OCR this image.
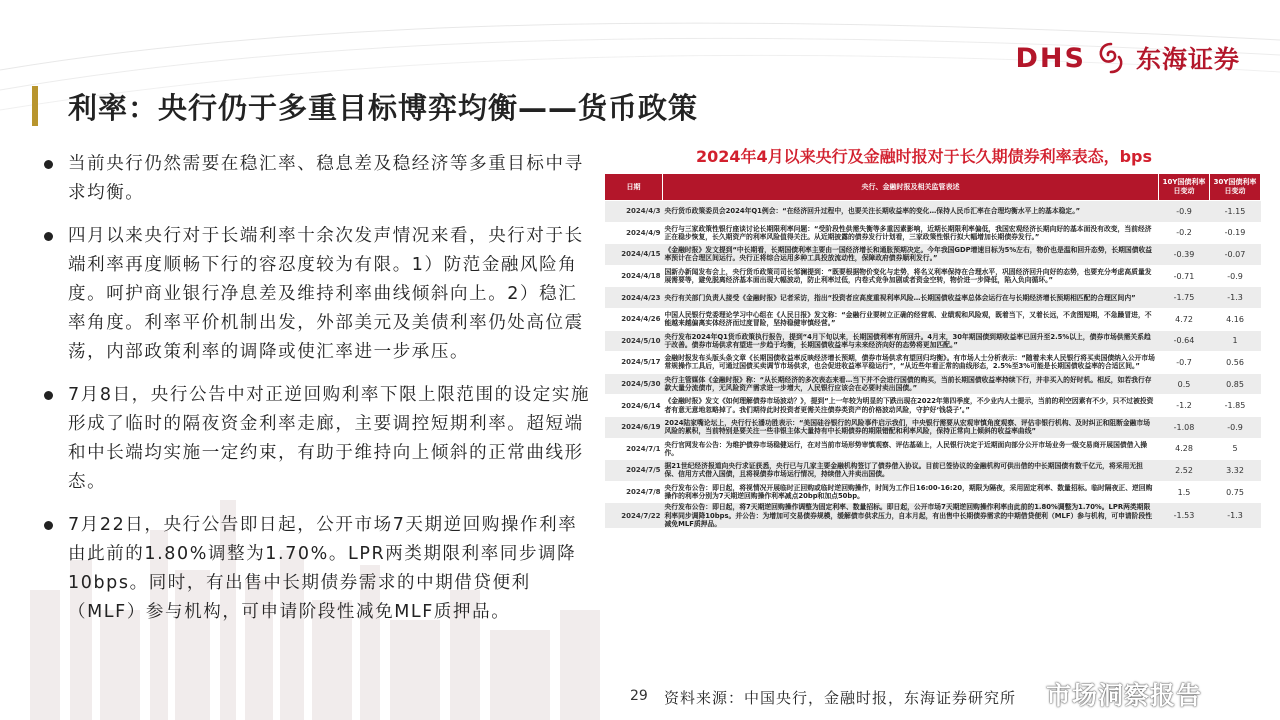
DHS 东海证券
利率：央行仍于多重目标博弈均衡——货币政策
当前央行仍然需要在稳汇率、稳息差及稳经济等多重目标中寻求均衡。
四月以来央行对于长端利率十余次发声情况来看，央行对于长端利率再度顺畅下行的容忍度较为有限。1）防范金融风险角度。呵护商业银行净息差及维持利率曲线倾斜向上。2）稳汇率角度。利率平价机制出发，外部美元及美债利率仍处高位震荡，内部政策利率的调降或使汇率进一步承压。
7月8日，央行公告中对正逆回购利率下限上限范围的设定实施形成了临时的隔夜资金利率走廊，主要调控短期利率。超短端和中长端均实施一定约束，有助于维持向上倾斜的正常曲线形态。
7月22日，央行公告即日起，公开市场7天期逆回购操作利率由此前的1.80%调整为1.70%。LPR两类期限利率同步调降10bps。同时，有出售中长期债券需求的中期借贷便利（MLF）参与机构，可申请阶段性减免MLF质押品。
2024年4月以来央行及金融时报对于长久期债券利率表态，bps
日期	央行、金融时报及相关监管表述	10Y国债利率日变动	30Y国债利率日变动
2024/4/3	央行货币政策委员会2024年Q1例会：“在经济回升过程中，也要关注长期收益率的变化…保持人民币汇率在合理均衡水平上的基本稳定。”	-0.9	-1.15
2024/4/9	央行与三家政策性银行座谈讨论长期限利率问题：“受阶段性供需失衡等多重因素影响，近期长期限利率偏低，我国宏观经济长期向好的基本面没有改变，当前经济正在稳步恢复，长久期资产的利率风险值得关注。从近期披露的债券发行计划看，三家政策性银行拟大幅增加长期债券发行。”	-0.2	-0.19
2024/4/15	《金融时报》发文提到“中长期看，长期国债利率主要由一国经济增长和通胀预期决定。今年我国GDP增速目标为5%左右，物价也是温和回升态势，长期国债收益率预计在合理区间运行。央行正将综合运用多种工具投放流动性，保障政府债券顺利发行。”	-0.39	-0.07
2024/4/18	国新办新闻发布会上，央行货币政策司司长邹澜提到：“既要根据物价变化与走势，将名义利率保持在合理水平，巩固经济回升向好的态势，也要充分考虑高质量发展需要等，避免脱离经济基本面出现大幅波动，防止利率过低，内卷式竞争加剧或者资金空转，物价进一步降低，陷入负向循环。”	-0.71	-0.9
2024/4/23	央行有关部门负责人接受《金融时报》记者采访，指出“投资者应高度重视利率风险…长期国债收益率总体会运行在与长期经济增长预期相匹配的合理区间内”	-1.75	-1.3
2024/4/26	中国人民银行党委理论学习中心组在《人民日报》发文称：“金融行业要树立正确的经营观、业绩观和风险观，既着当下，又着长远，不贪图短期，不急躁冒进，不能越来越偏离实体经济而过度冒险，坚持稳健审慎经营。”	4.72	4.16
2024/5/10	央行发布2024年Q1货币政策执行报告，提到“4月下旬以来，长期国债利率有所回升。4月末，30年期国债到期收益率已回升至2.5%以上，债券市场供需关系趋于改善。债券市场供求有望进一步趋于均衡，长期国债收益率与未来经济向好的态势将更加匹配。”	-0.64	1
2024/5/17	金融时报发布头版头条文章《长期国债收益率反映经济增长预期，债券市场供求有望回归均衡》。有市场人士分析表示：“随着未来人民银行将买卖国债纳入公开市场常规操作工具后，可通过国债买卖调节市场供求，也会促进收益率平稳运行”，“从近些年看正常的曲线形态，2.5%至3%可能是长期国债收益率的合适区间。”	-0.7	0.56
2024/5/30	央行主管媒体《金融时报》称：“从长期经济的多次表态来看…当下并不会进行国债的购买，当前长期国债收益率持续下行，并非买入的好时机。相反，如若我行存款大量分流债市，无风险资产需求进一步增大，人民银行应该会在必要时卖出国债。”	0.5	0.85
2024/6/14	《金融时报》发文《如何理解债券市场波动？》，提到“上一年较为明显的下跌出现在2022年第四季度，不少业内人士提示，当前的利空因素有不少，只不过被投资者有意无意地忽略掉了。我们期待此时投资者更需关注债券类资产的价格波动风险，守护好‘钱袋子’。”	-1.2	-1.85
2024/6/19	2024陆家嘴论坛上，央行行长潘功胜表示：“美国硅谷银行的风险事件启示我们，中央银行需要从宏观审慎角度观察、评估非银行机构、及时纠正和阻断金融市场风险的累积，当前特别是要关注一些非银主体大量持有中长期债券的期限错配和利率风险，保持正常向上倾斜的收益率曲线”	-1.08	-0.9
2024/7/1	央行官网发布公告：为维护债券市场稳健运行，在对当前市场形势审慎观察、评估基础上，人民银行决定于近期面向部分公开市场业务一级交易商开展国债借入操作。	4.28	5
2024/7/5	据21世纪经济报道向央行求证获悉，央行已与几家主要金融机构签订了债券借入协议。目前已签协议的金融机构可供出借的中长期国债有数千亿元，将采用无担保、信用方式借入国债，且将视债券市场运行情况，持续借入并卖出国债。	2.52	3.32
2024/7/8	央行发布公告：即日起，将视情况开展临时正回购或临时逆回购操作，时间为工作日16:00-16:20，期限为隔夜，采用固定利率、数量招标。临时隔夜正、逆回购操作的利率分别为7天期逆回购操作利率减点20bp和加点50bp。	1.5	0.75
2024/7/22	央行发布公告：即日起，将7天期逆回购操作调整为固定利率、数量招标。即日起，公开市场7天期逆回购操作利率由此前的1.80%调整为1.70%。LPR两类期限利率同步调降10bps。并公告：为增加可交易债券规模，缓解债市供求压力，自本月起，有出售中长期债券需求的中期借贷便利（MLF）参与机构，可申请阶段性减免MLF质押品。	-1.53	-1.3
29 资料来源：中国央行，金融时报，东海证券研究所 市场洞察报告
